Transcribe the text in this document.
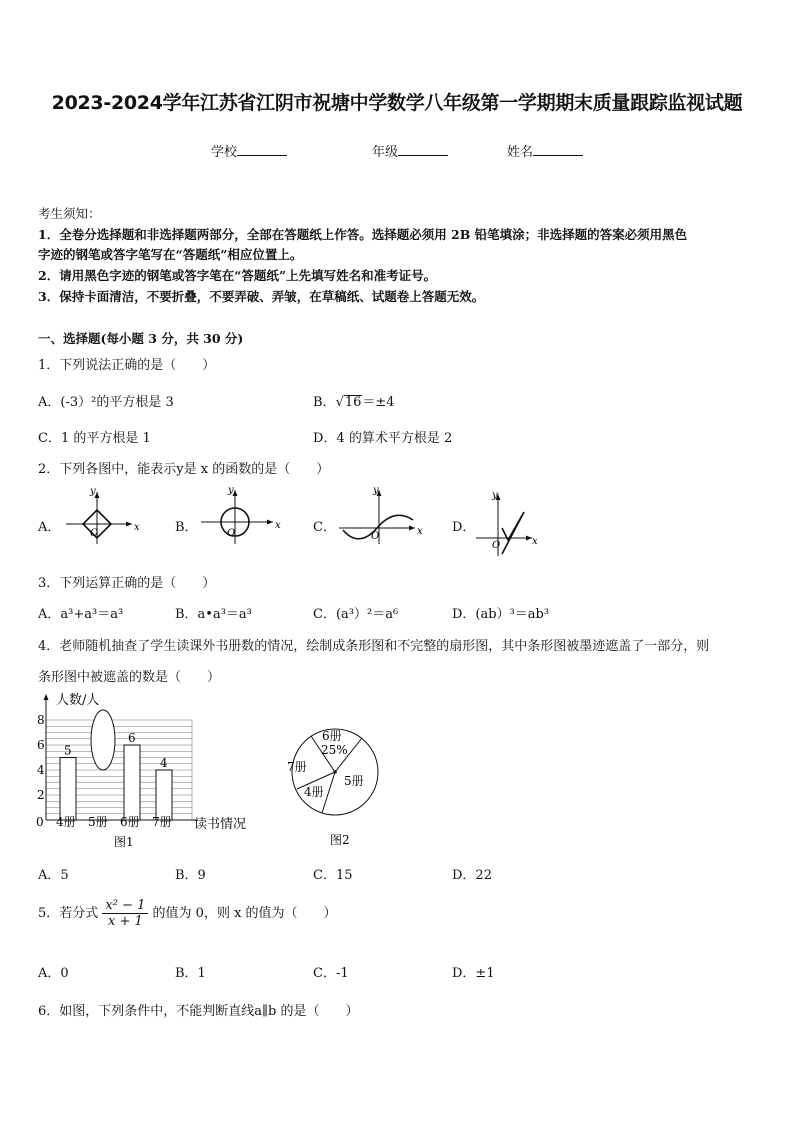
2023-2024学年江苏省江阴市祝塘中学数学八年级第一学期期末质量跟踪监视试题
学校	年级	姓名
考生须知：
1．全卷分选择题和非选择题两部分，全部在答题纸上作答。选择题必须用 2B 铅笔填涂；非选择题的答案必须用黑色
字迹的钢笔或答字笔写在“答题纸”相应位置上。
2．请用黑色字迹的钢笔或答字笔在“答题纸”上先填写姓名和准考证号。
3．保持卡面清洁，不要折叠，不要弄破、弄皱，在草稿纸、试题卷上答题无效。
一、选择题(每小题 3 分，共 30 分)
1．下列说法正确的是（　　）
A．(-3）²的平方根是 3	B．√16＝±4
C．1 的平方根是 1	D．4 的算术平方根是 2
2．下列各图中，能表示y是 x 的函数的是（　　）
A．
y
x
O	B．
y
x
O	C．
y
x
O
D．
y
x
O
3．下列运算正确的是（　　）
A．a³+a³＝a³	B．a•a³＝a³	C．(a³）²＝a⁶	D．(ab）³＝ab³
4．老师随机抽查了学生读课外书册数的情况，绘制成条形图和不完整的扇形图，其中条形图被墨迹遮盖了一部分，则
条形图中被遮盖的数是（　　）
0
2
4
6
8
5
6
4
人数/人
读书情况
4册 5册 6册 7册
图1
6册
25%
5册
4册
7册
图2
A．5	B．9	C．15	D．22
5．若分式 $\frac{\text{x² − 1}}{x + 1}$ 的值为 0，则 x 的值为（　　）
A．0	B．1	C．-1	D．±1
6．如图，下列条件中，不能判断直线a∥b 的是（　　）
